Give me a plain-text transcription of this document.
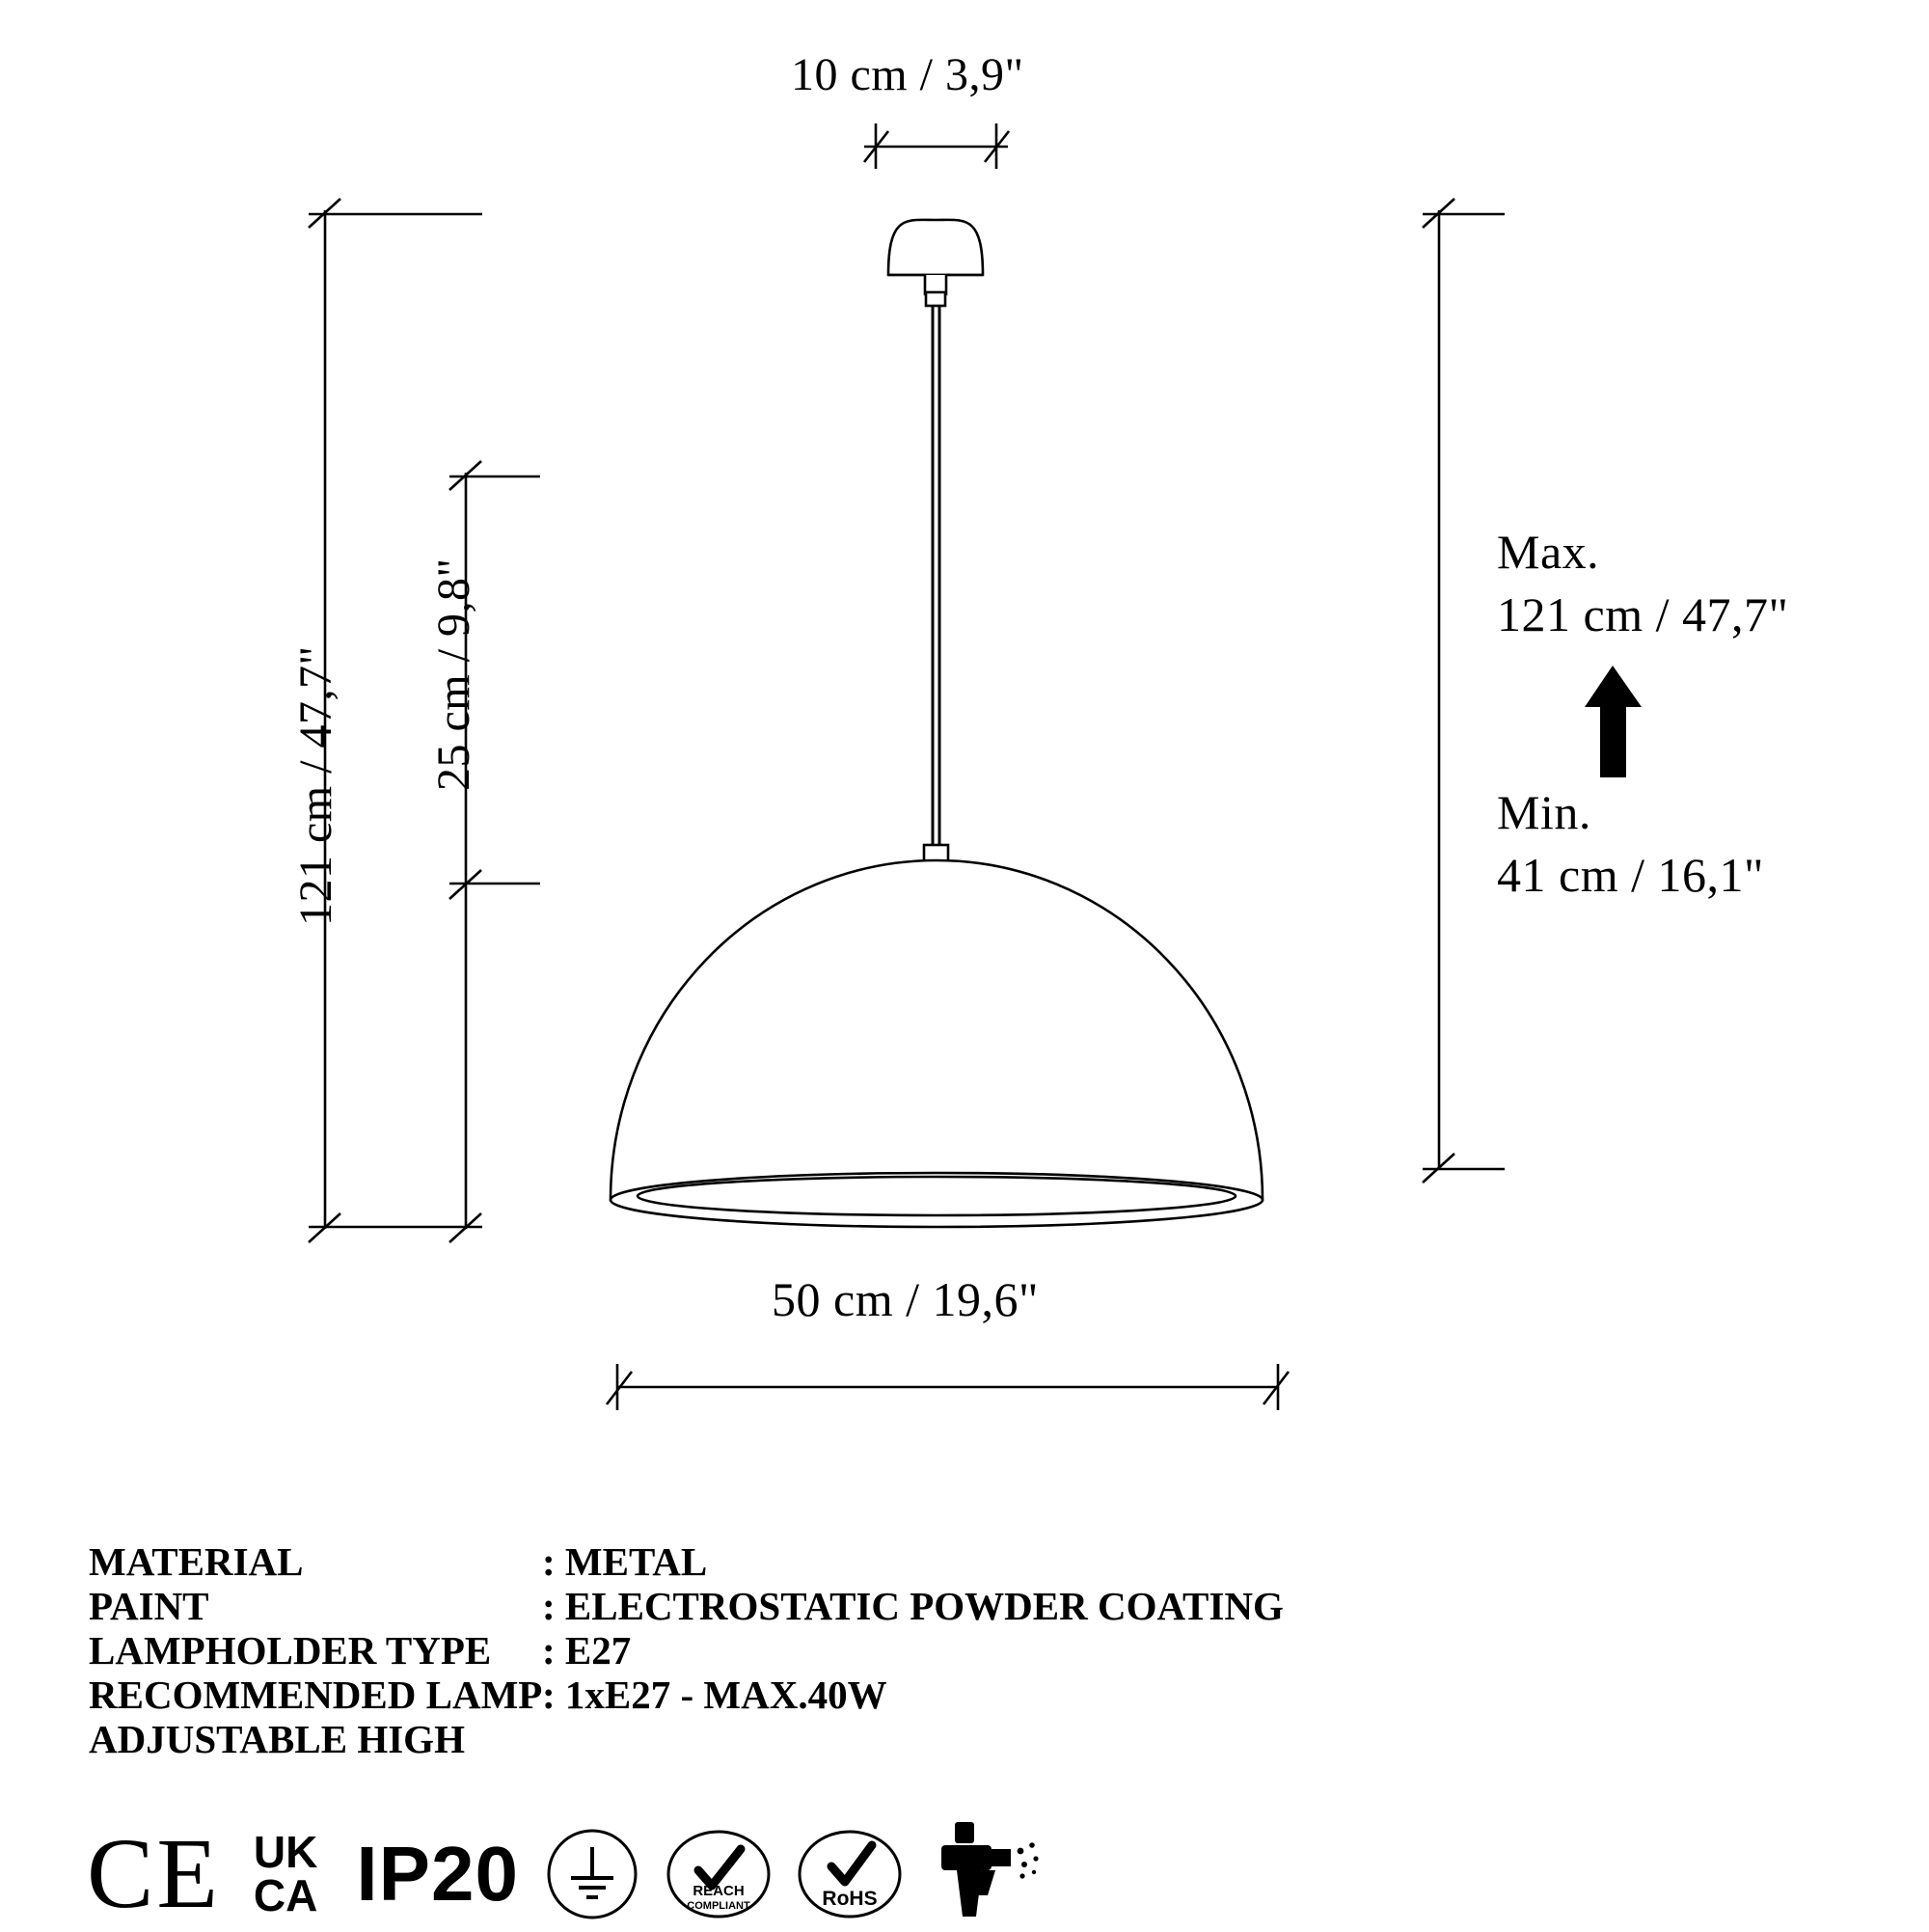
10 cm / 3,9"
121 cm / 47,7" 25 cm / 9,8"
Max.
121 cm / 47,7"
Min.
41 cm / 16,1"
50 cm / 19,6"
MATERIAL	: METAL
PAINT	: ELECTROSTATIC POWDER COATING
LAMPHOLDER TYPE	: E27
RECOMMENDED LAMP : 1xE27 - MAX.40W
ADJUSTABLE HIGH
CE UK
CA IP20	REACH
COMPLIANT	RoHS
